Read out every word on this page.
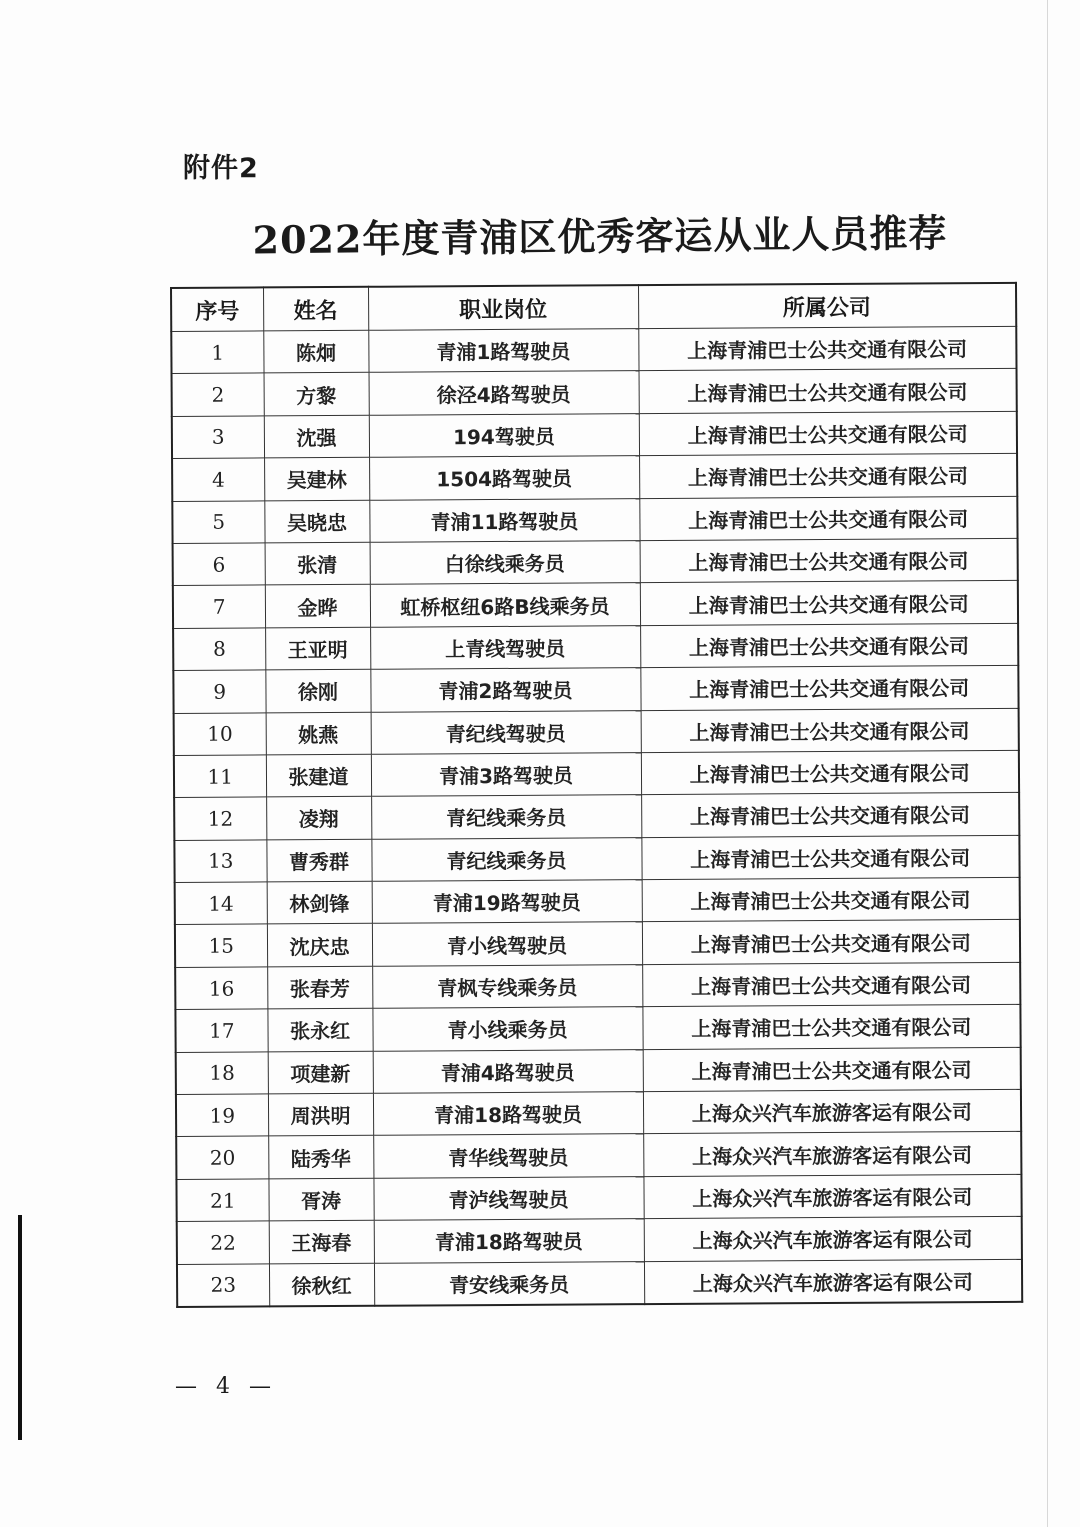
附件2
2022年度青浦区优秀客运从业人员推荐
序号	姓名	职业岗位	所属公司
1	陈炯	青浦1路驾驶员	上海青浦巴士公共交通有限公司
2	方黎	徐泾4路驾驶员	上海青浦巴士公共交通有限公司
3	沈强	194驾驶员	上海青浦巴士公共交通有限公司
4	吴建林	1504路驾驶员	上海青浦巴士公共交通有限公司
5	吴晓忠	青浦11路驾驶员	上海青浦巴士公共交通有限公司
6	张清	白徐线乘务员	上海青浦巴士公共交通有限公司
7	金晔	虹桥枢纽6路B线乘务员	上海青浦巴士公共交通有限公司
8	王亚明	上青线驾驶员	上海青浦巴士公共交通有限公司
9	徐刚	青浦2路驾驶员	上海青浦巴士公共交通有限公司
10	姚燕	青纪线驾驶员	上海青浦巴士公共交通有限公司
11	张建道	青浦3路驾驶员	上海青浦巴士公共交通有限公司
12	凌翔	青纪线乘务员	上海青浦巴士公共交通有限公司
13	曹秀群	青纪线乘务员	上海青浦巴士公共交通有限公司
14	林剑锋	青浦19路驾驶员	上海青浦巴士公共交通有限公司
15	沈庆忠	青小线驾驶员	上海青浦巴士公共交通有限公司
16	张春芳	青枫专线乘务员	上海青浦巴士公共交通有限公司
17	张永红	青小线乘务员	上海青浦巴士公共交通有限公司
18	项建新	青浦4路驾驶员	上海青浦巴士公共交通有限公司
19	周洪明	青浦18路驾驶员	上海众兴汽车旅游客运有限公司
20	陆秀华	青华线驾驶员	上海众兴汽车旅游客运有限公司
21	胥涛	青泸线驾驶员	上海众兴汽车旅游客运有限公司
22	王海春	青浦18路驾驶员	上海众兴汽车旅游客运有限公司
23	徐秋红	青安线乘务员	上海众兴汽车旅游客运有限公司
— 4 —
